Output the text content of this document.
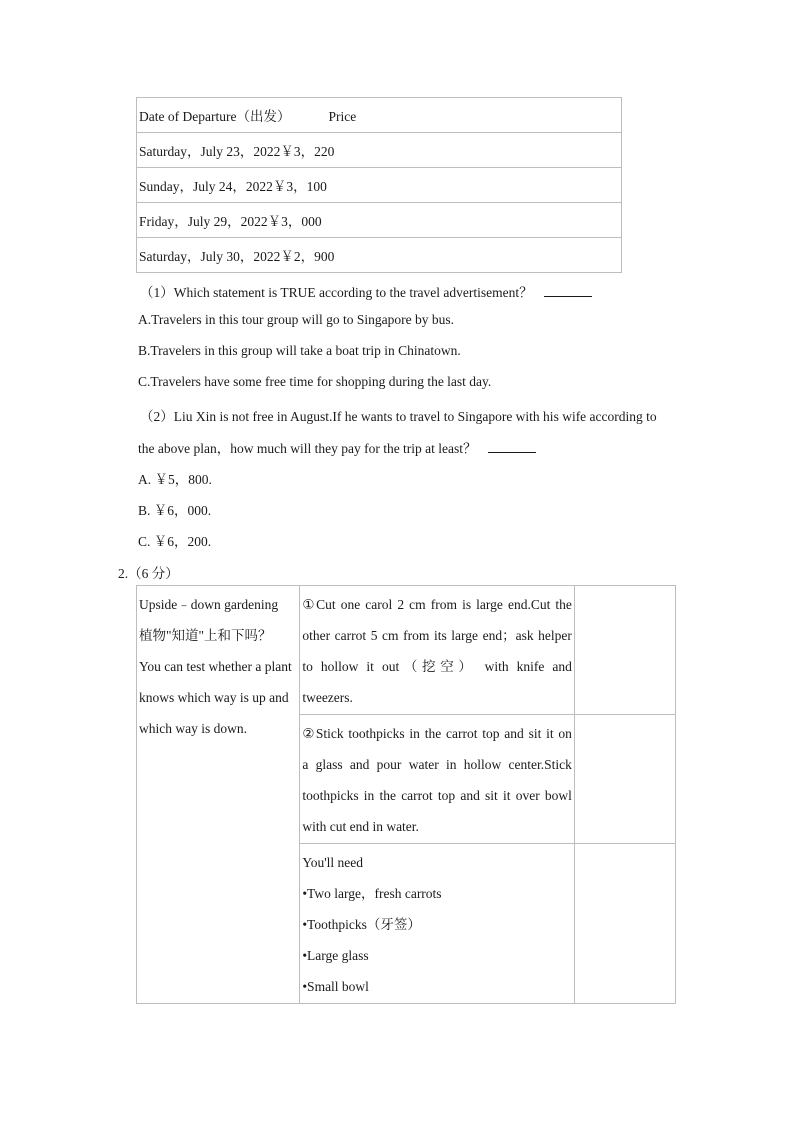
Date of Departure（出发）	Price
Saturday，July 23，2022￥3，220
Sunday，July 24，2022￥3，100
Friday，July 29，2022￥3，000
Saturday，July 30，2022￥2，900
（1）Which statement is TRUE according to the travel advertisement？
A.Travelers in this tour group will go to Singapore by bus.
B.Travelers in this group will take a boat trip in Chinatown.
C.Travelers have some free time for shopping during the last day.
（2）Liu Xin is not free in August.If he wants to travel to Singapore with his wife according to
the above plan，how much will they pay for the trip at least？
A. ￥5，800.
B. ￥6，000.
C. ￥6，200.
2.（6 分）
Upside﹣down gardening
植物"知道"上和下吗？
You can test whether a plant
knows which way is up and
which way is down.	①Cut one carol 2 cm from is large end.Cut the
other carrot 5 cm from its large end；ask helper
to hollow it out（挖空） with knife and
tweezers.	

	②Stick toothpicks in the carrot top and sit it on
a glass and pour water in hollow center.Stick
toothpicks in the carrot top and sit it over bowl
with cut end in water.	

	You'll need
•Two large，fresh carrots
•Toothpicks（牙签）
•Large glass
•Small bowl	
